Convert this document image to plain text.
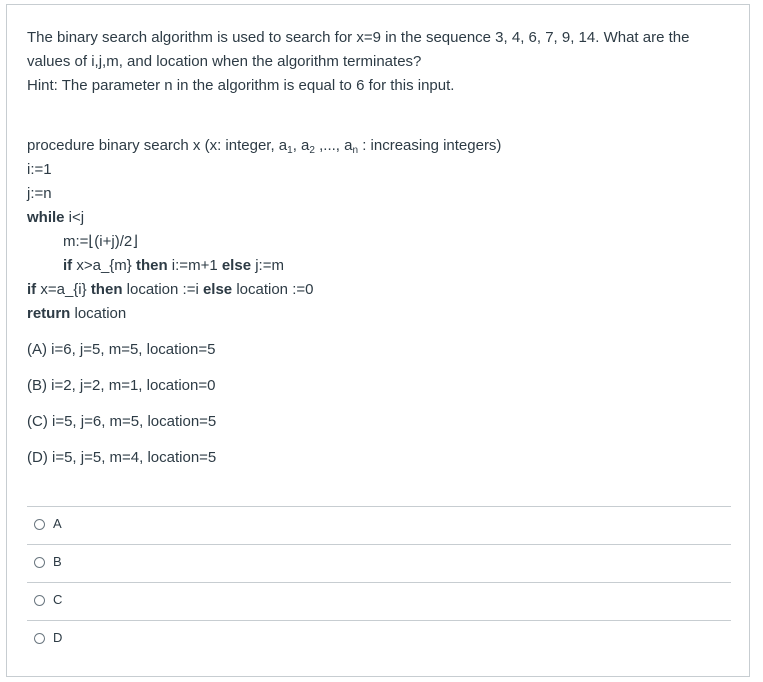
The binary search algorithm is used to search for x=9 in the sequence 3, 4, 6, 7, 9, 14. What are the
values of i,j,m, and location when the algorithm terminates?
Hint: The parameter n in the algorithm is equal to 6 for this input.
procedure binary search x (x: integer, $a_1$, $a_2$ ,..., $a_n$ : increasing integers)
i:=1
j:=n
while i<j
m:=⌊(i+j)/2⌋
if x>a_{m} then i:=m+1 else j:=m
if x=a_{i} then location :=i else location :=0
return location
(A) i=6, j=5, m=5, location=5
(B) i=2, j=2, m=1, location=0
(C) i=5, j=6, m=5, location=5
(D) i=5, j=5, m=4, location=5
A
B
C
D
